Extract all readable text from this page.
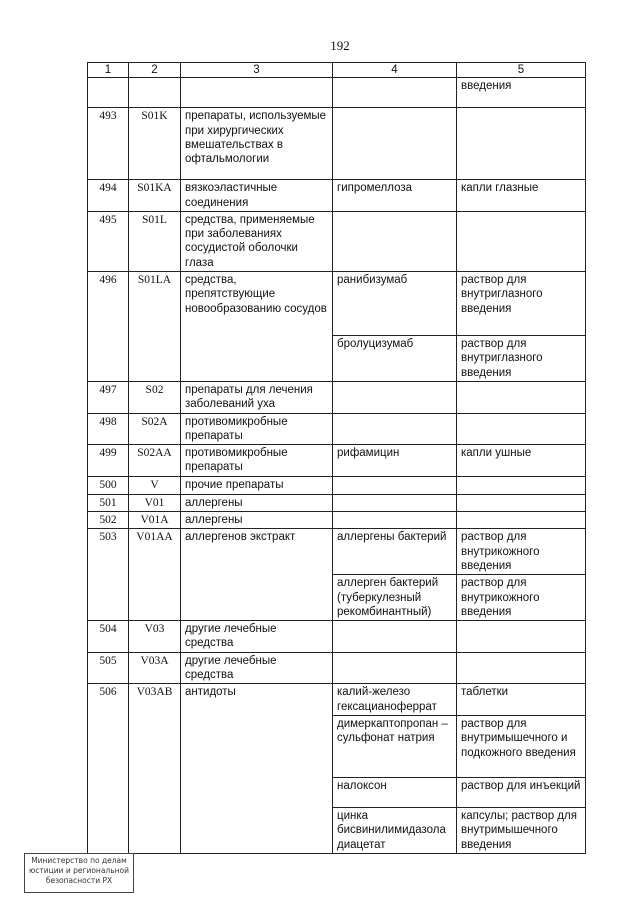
192
1	2	3	4	5
				введения
493	S01K	препараты, используемые при хирургических вмешательствах в офтальмологии		
494	S01KA	вязкоэластичные соединения	гипромеллоза	капли глазные
495	S01L	средства, применяемые при заболеваниях сосудистой оболочки глаза		
496	S01LA	средства, препятствующие новообразованию сосудов	ранибизумаб	раствор для внутриглазного введения
			бролуцизумаб	раствор для внутриглазного введения
497	S02	препараты для лечения заболеваний уха		
498	S02A	противомикробные препараты		
499	S02AA	противомикробные препараты	рифамицин	капли ушные
500	V	прочие препараты		
501	V01	аллергены		
502	V01A	аллергены		
503	V01AA	аллергенов экстракт	аллергены бактерий	раствор для внутрикожного введения
			аллерген бактерий (туберкулезный рекомбинантный)	раствор для внутрикожного введения
504	V03	другие лечебные средства		
505	V03A	другие лечебные средства		
506	V03AB	антидоты	калий-железо гексацианоферрат	таблетки
			димеркаптопропан – сульфонат натрия	раствор для внутримышечного и подкожного введения
			налоксон	раствор для инъекций
			цинка бисвинилимидазола диацетат	капсулы; раствор для внутримышечного введения
Министерство по делам юстиции и региональной безопасности РХ
